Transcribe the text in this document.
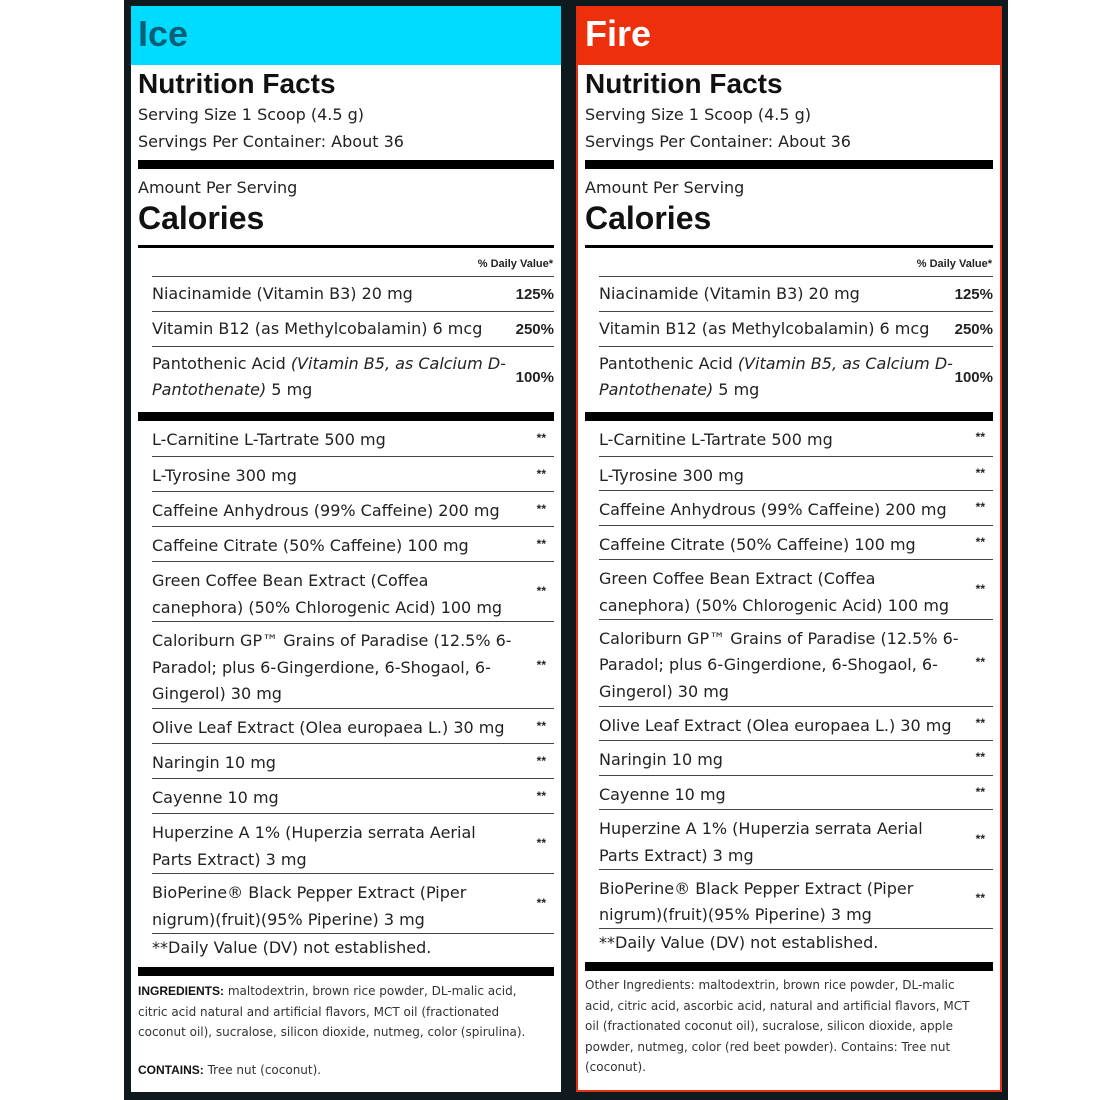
Ice
Nutrition Facts
Serving Size 1 Scoop (4.5 g)
Servings Per Container: About 36
Amount Per Serving
Calories
% Daily Value*
Niacinamide (Vitamin B3) 20 mg	125%
Vitamin B12 (as Methylcobalamin) 6 mcg 250%
Pantothenic Acid (Vitamin B5, as Calcium D-
Pantothenate) 5 mg
100%
L-Carnitine L-Tartrate 500 mg	**
L-Tyrosine 300 mg	**
Caffeine Anhydrous (99% Caffeine) 200 mg	**
Caffeine Citrate (50% Caffeine) 100 mg	**
Green Coffee Bean Extract (Coffea
canephora) (50% Chlorogenic Acid) 100 mg
**
Caloriburn GP™ Grains of Paradise (12.5% 6-
Paradol; plus 6-Gingerdione, 6-Shogaol, 6-
Gingerol) 30 mg
**
Olive Leaf Extract (Olea europaea L.) 30 mg	**
Naringin 10 mg	**
Cayenne 10 mg	**
Huperzine A 1% (Huperzia serrata Aerial
Parts Extract) 3 mg
**
BioPerine® Black Pepper Extract (Piper
nigrum)(fruit)(95% Piperine) 3 mg
**
**Daily Value (DV) not established.
INGREDIENTS: maltodextrin, brown rice powder, DL-malic acid,
citric acid natural and artificial flavors, MCT oil (fractionated
coconut oil), sucralose, silicon dioxide, nutmeg, color (spirulina).
CONTAINS: Tree nut (coconut).
Fire
Nutrition Facts
Serving Size 1 Scoop (4.5 g)
Servings Per Container: About 36
Amount Per Serving
Calories
% Daily Value*
Niacinamide (Vitamin B3) 20 mg	125%
Vitamin B12 (as Methylcobalamin) 6 mcg 250%
Pantothenic Acid (Vitamin B5, as Calcium D-
Pantothenate) 5 mg
100%
L-Carnitine L-Tartrate 500 mg	**
L-Tyrosine 300 mg	**
Caffeine Anhydrous (99% Caffeine) 200 mg **
Caffeine Citrate (50% Caffeine) 100 mg	**
Green Coffee Bean Extract (Coffea
canephora) (50% Chlorogenic Acid) 100 mg
**
Caloriburn GP™ Grains of Paradise (12.5% 6-
Paradol; plus 6-Gingerdione, 6-Shogaol, 6-
Gingerol) 30 mg
**
Olive Leaf Extract (Olea europaea L.) 30 mg **
Naringin 10 mg	**
Cayenne 10 mg	**
Huperzine A 1% (Huperzia serrata Aerial
Parts Extract) 3 mg
**
BioPerine® Black Pepper Extract (Piper
nigrum)(fruit)(95% Piperine) 3 mg
**
**Daily Value (DV) not established.
Other Ingredients: maltodextrin, brown rice powder, DL-malic
acid, citric acid, ascorbic acid, natural and artificial flavors, MCT
oil (fractionated coconut oil), sucralose, silicon dioxide, apple
powder, nutmeg, color (red beet powder). Contains: Tree nut
(coconut).
